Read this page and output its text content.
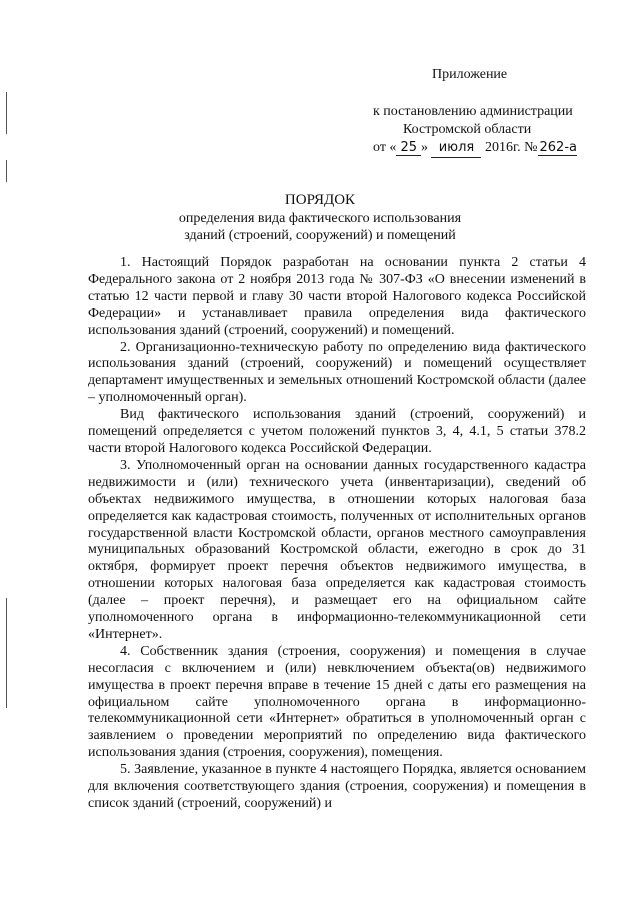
Приложение
к постановлению администрации
Костромской области
от « 25 » июля 2016г. № 262-а
ПОРЯДОК
определения вида фактического использования
зданий (строений, сооружений) и помещений

1. Настоящий Порядок разработан на основании пункта 2 статьи 4 Федерального закона от 2 ноября 2013 года № 307-ФЗ «О внесении изменений в статью 12 части первой и главу 30 части второй Налогового кодекса Российской Федерации» и устанавливает правила определения вида фактического использования зданий (строений, сооружений) и помещений.

2. Организационно-техническую работу по определению вида фактического использования зданий (строений, сооружений) и помещений осуществляет департамент имущественных и земельных отношений Костромской области (далее – уполномоченный орган).

Вид фактического использования зданий (строений, сооружений) и помещений определяется с учетом положений пунктов 3, 4, 4.1, 5 статьи 378.2 части второй Налогового кодекса Российской Федерации.

3. Уполномоченный орган на основании данных государственного кадастра недвижимости и (или) технического учета (инвентаризации), сведений об объектах недвижимого имущества, в отношении которых налоговая база определяется как кадастровая стоимость, полученных от исполнительных органов государственной власти Костромской области, органов местного самоуправления муниципальных образований Костромской области, ежегодно в срок до 31 октября, формирует проект перечня объектов недвижимого имущества, в отношении которых налоговая база определяется как кадастровая стоимость (далее – проект перечня), и размещает его на официальном сайте уполномоченного органа в информационно-телекоммуникационной сети «Интернет».

4. Собственник здания (строения, сооружения) и помещения в случае несогласия с включением и (или) невключением объекта(ов) недвижимого имущества в проект перечня вправе в течение 15 дней с даты его размещения на официальном сайте уполномоченного органа в информационно-телекоммуникационной сети «Интернет» обратиться в уполномоченный орган с заявлением о проведении мероприятий по определению вида фактического использования здания (строения, сооружения), помещения.

5. Заявление, указанное в пункте 4 настоящего Порядка, является основанием для включения соответствующего здания (строения, сооружения) и помещения в список зданий (строений, сооружений) и
